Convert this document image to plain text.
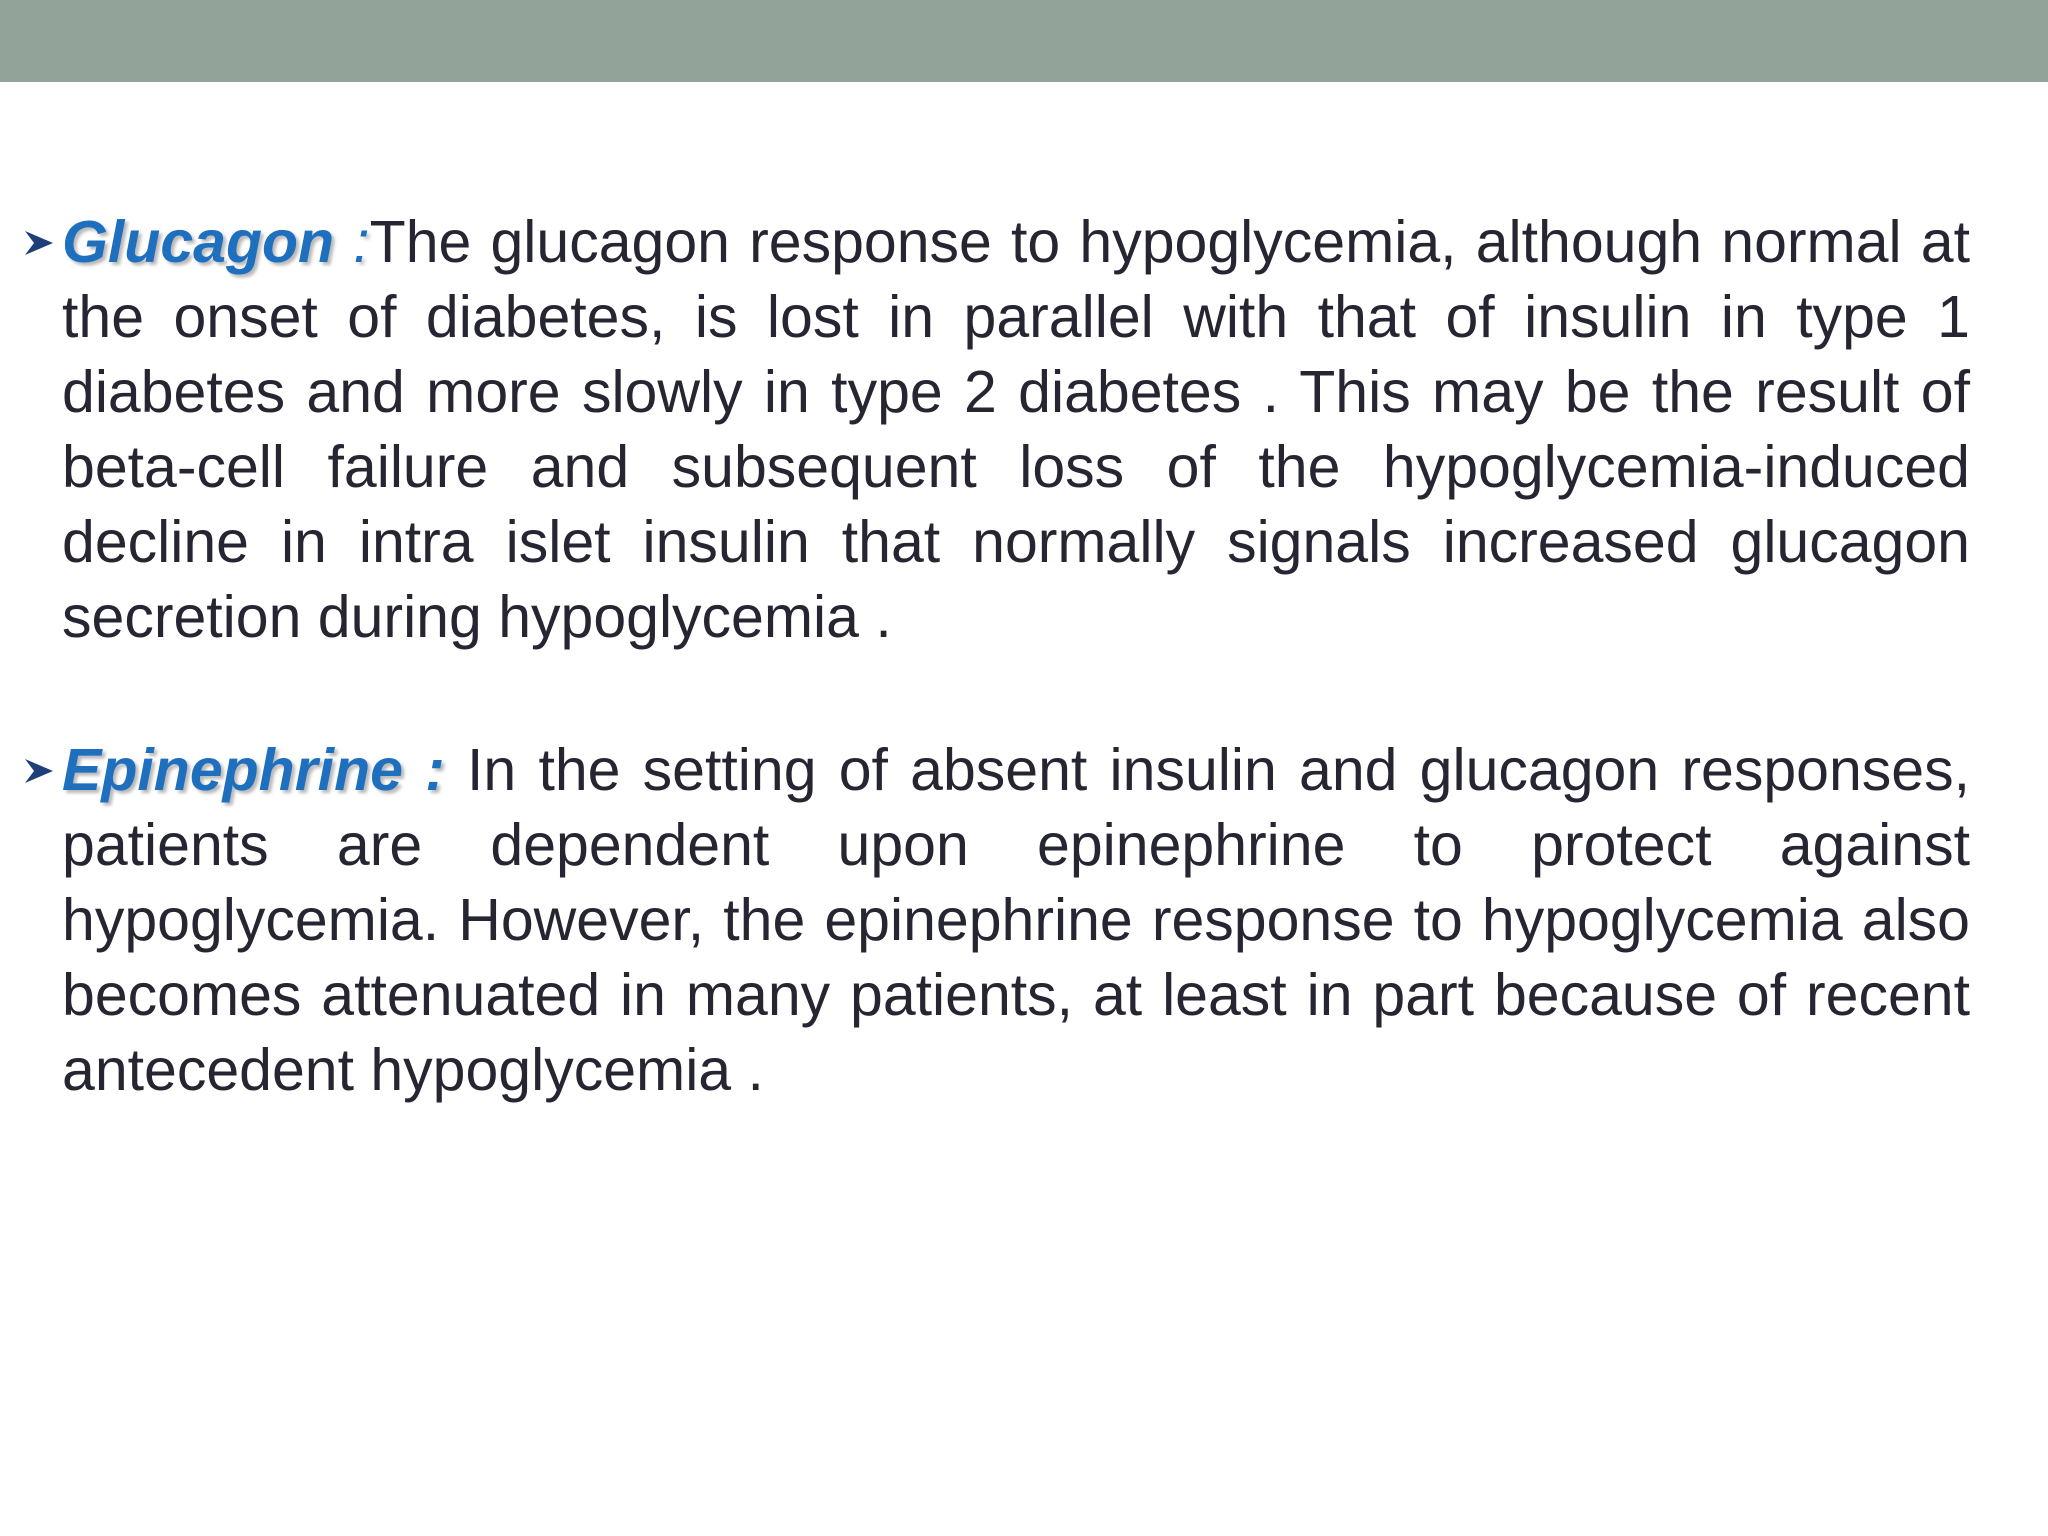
Glucagon :The glucagon response to hypoglycemia, although normal at the onset of diabetes, is lost in parallel with that of insulin in type 1 diabetes and more slowly in type 2 diabetes . This may be the result of beta-cell failure and subsequent loss of the hypoglycemia-induced decline in intra islet insulin that normally signals increased glucagon secretion during hypoglycemia .
Epinephrine : In the setting of absent insulin and glucagon responses, patients are dependent upon epinephrine to protect against hypoglycemia. However, the epinephrine response to hypoglycemia also becomes attenuated in many patients, at least in part because of recent antecedent hypoglycemia .
